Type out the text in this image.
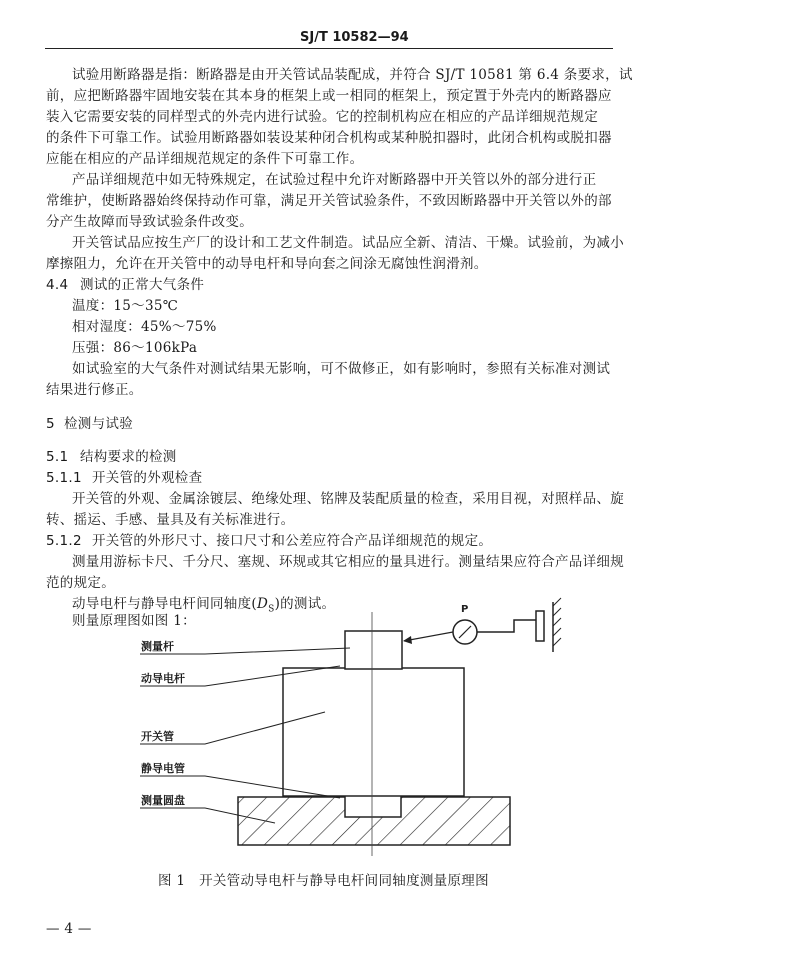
SJ/T 10582—94
试验用断路器是指：断路器是由开关管试品装配成，并符合 SJ/T 10581 第 6.4 条要求，试
前，应把断路器牢固地安装在其本身的框架上或一相同的框架上，预定置于外壳内的断路器应
装入它需要安装的同样型式的外壳内进行试验。它的控制机构应在相应的产品详细规范规定
的条件下可靠工作。试验用断路器如装设某种闭合机构或某种脱扣器时，此闭合机构或脱扣器
应能在相应的产品详细规范规定的条件下可靠工作。
产品详细规范中如无特殊规定，在试验过程中允许对断路器中开关管以外的部分进行正
常维护，使断路器始终保持动作可靠，满足开关管试验条件，不致因断路器中开关管以外的部
分产生故障而导致试验条件改变。
开关管试品应按生产厂的设计和工艺文件制造。试品应全新、清洁、干燥。试验前，为减小
摩擦阻力，允许在开关管中的动导电杆和导向套之间涂无腐蚀性润滑剂。
4.4 测试的正常大气条件
温度：15～35℃
相对湿度：45%～75%
压强：86～106kPa
如试验室的大气条件对测试结果无影响，可不做修正，如有影响时，参照有关标准对测试
结果进行修正。
5 检测与试验
5.1 结构要求的检测
5.1.1 开关管的外观检查
开关管的外观、金属涂镀层、绝缘处理、铭牌及装配质量的检查，采用目视，对照样品、旋
转、摇运、手感、量具及有关标准进行。
5.1.2 开关管的外形尺寸、接口尺寸和公差应符合产品详细规范的规定。
测量用游标卡尺、千分尺、塞规、环规或其它相应的量具进行。测量结果应符合产品详细规
范的规定。
动导电杆与静导电杆间同轴度$(D_S)$的测试。
则量原理图如图 1：
P
测量杆
动导电杆
开关管
静导电管
测量圆盘
图 1　开关管动导电杆与静导电杆间同轴度测量原理图
— 4 —
